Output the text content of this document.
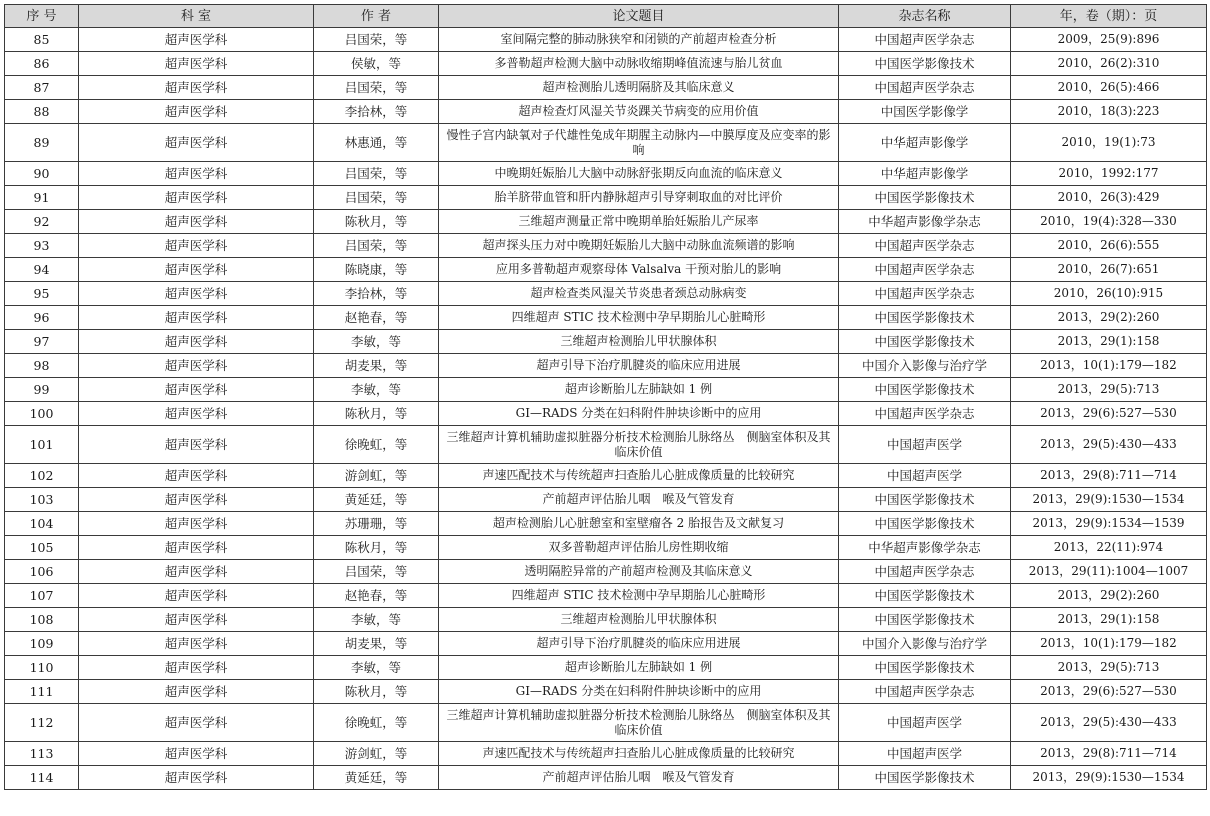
序 号	科 室	作 者	论文题目	杂志名称	年，卷（期）：页
85	超声医学科	吕国荣，等	室间隔完整的肺动脉狭窄和闭锁的产前超声检查分析	中国超声医学杂志	2009，25(9):896
86	超声医学科	侯敏，等	多普勒超声检测大脑中动脉收缩期峰值流速与胎儿贫血	中国医学影像技术	2010，26(2):310
87	超声医学科	吕国荣，等	超声检测胎儿透明隔脐及其临床意义	中国超声医学杂志	2010，26(5):466
88	超声医学科	李拾林，等	超声检查灯风湿关节炎踝关节病变的应用价值	中国医学影像学	2010，18(3):223
89	超声医学科	林惠通，等	慢性子宫内缺氧对子代雄性兔成年期腥主动脉内—中膜厚度及应变率的影响	中华超声影像学	2010，19(1):73
90	超声医学科	吕国荣，等	中晚期妊娠胎儿大脑中动脉舒张期反向血流的临床意义	中华超声影像学	2010，1992:177
91	超声医学科	吕国荣，等	胎羊脐带血管和肝内静脉超声引导穿刺取血的对比评价	中国医学影像技术	2010，26(3):429
92	超声医学科	陈秋月，等	三维超声测量正常中晚期单胎妊娠胎儿产尿率	中华超声影像学杂志	2010，19(4):328—330
93	超声医学科	吕国荣，等	超声探头压力对中晚期妊娠胎儿大脑中动脉血流频谱的影响	中国超声医学杂志	2010，26(6):555
94	超声医学科	陈晓康，等	应用多普勒超声观察母体 Valsalva 干预对胎儿的影响	中国超声医学杂志	2010，26(7):651
95	超声医学科	李拾林，等	超声检查类风湿关节炎患者颈总动脉病变	中国超声医学杂志	2010，26(10):915
96	超声医学科	赵艳春，等	四维超声 STIC 技术检测中孕早期胎儿心脏畸形	中国医学影像技术	2013，29(2):260
97	超声医学科	李敏，等	三维超声检测胎儿甲状腺体积	中国医学影像技术	2013，29(1):158
98	超声医学科	胡麦果，等	超声引导下治疗肌腱炎的临床应用进展	中国介入影像与治疗学	2013，10(1):179—182
99	超声医学科	李敏，等	超声诊断胎儿左肺缺如 1 例	中国医学影像技术	2013，29(5):713
100	超声医学科	陈秋月，等	GI—RADS 分类在妇科附件肿块诊断中的应用	中国超声医学杂志	2013，29(6):527—530
101	超声医学科	徐晚虹，等	三维超声计算机辅助虚拟脏器分析技术检测胎儿脉络丛　侧脑室体积及其临床价值	中国超声医学	2013，29(5):430—433
102	超声医学科	游剑虹，等	声速匹配技术与传统超声扫查胎儿心脏成像质量的比较研究	中国超声医学	2013，29(8):711—714
103	超声医学科	黄延廷，等	产前超声评估胎儿咽　喉及气管发育	中国医学影像技术	2013，29(9):1530—1534
104	超声医学科	苏珊珊，等	超声检测胎儿心脏憩室和室壁瘤各 2 胎报告及文献复习	中国医学影像技术	2013，29(9):1534—1539
105	超声医学科	陈秋月，等	双多普勒超声评估胎儿房性期收缩	中华超声影像学杂志	2013，22(11):974
106	超声医学科	吕国荣，等	透明隔腔异常的产前超声检测及其临床意义	中国超声医学杂志	2013，29(11):1004—1007
107	超声医学科	赵艳春，等	四维超声 STIC 技术检测中孕早期胎儿心脏畸形	中国医学影像技术	2013，29(2):260
108	超声医学科	李敏，等	三维超声检测胎儿甲状腺体积	中国医学影像技术	2013，29(1):158
109	超声医学科	胡麦果，等	超声引导下治疗肌腱炎的临床应用进展	中国介入影像与治疗学	2013，10(1):179—182
110	超声医学科	李敏，等	超声诊断胎儿左肺缺如 1 例	中国医学影像技术	2013，29(5):713
111	超声医学科	陈秋月，等	GI—RADS 分类在妇科附件肿块诊断中的应用	中国超声医学杂志	2013，29(6):527—530
112	超声医学科	徐晚虹，等	三维超声计算机辅助虚拟脏器分析技术检测胎儿脉络丛　侧脑室体积及其临床价值	中国超声医学	2013，29(5):430—433
113	超声医学科	游剑虹，等	声速匹配技术与传统超声扫查胎儿心脏成像质量的比较研究	中国超声医学	2013，29(8):711—714
114	超声医学科	黄延廷，等	产前超声评估胎儿咽　喉及气管发育	中国医学影像技术	2013，29(9):1530—1534
